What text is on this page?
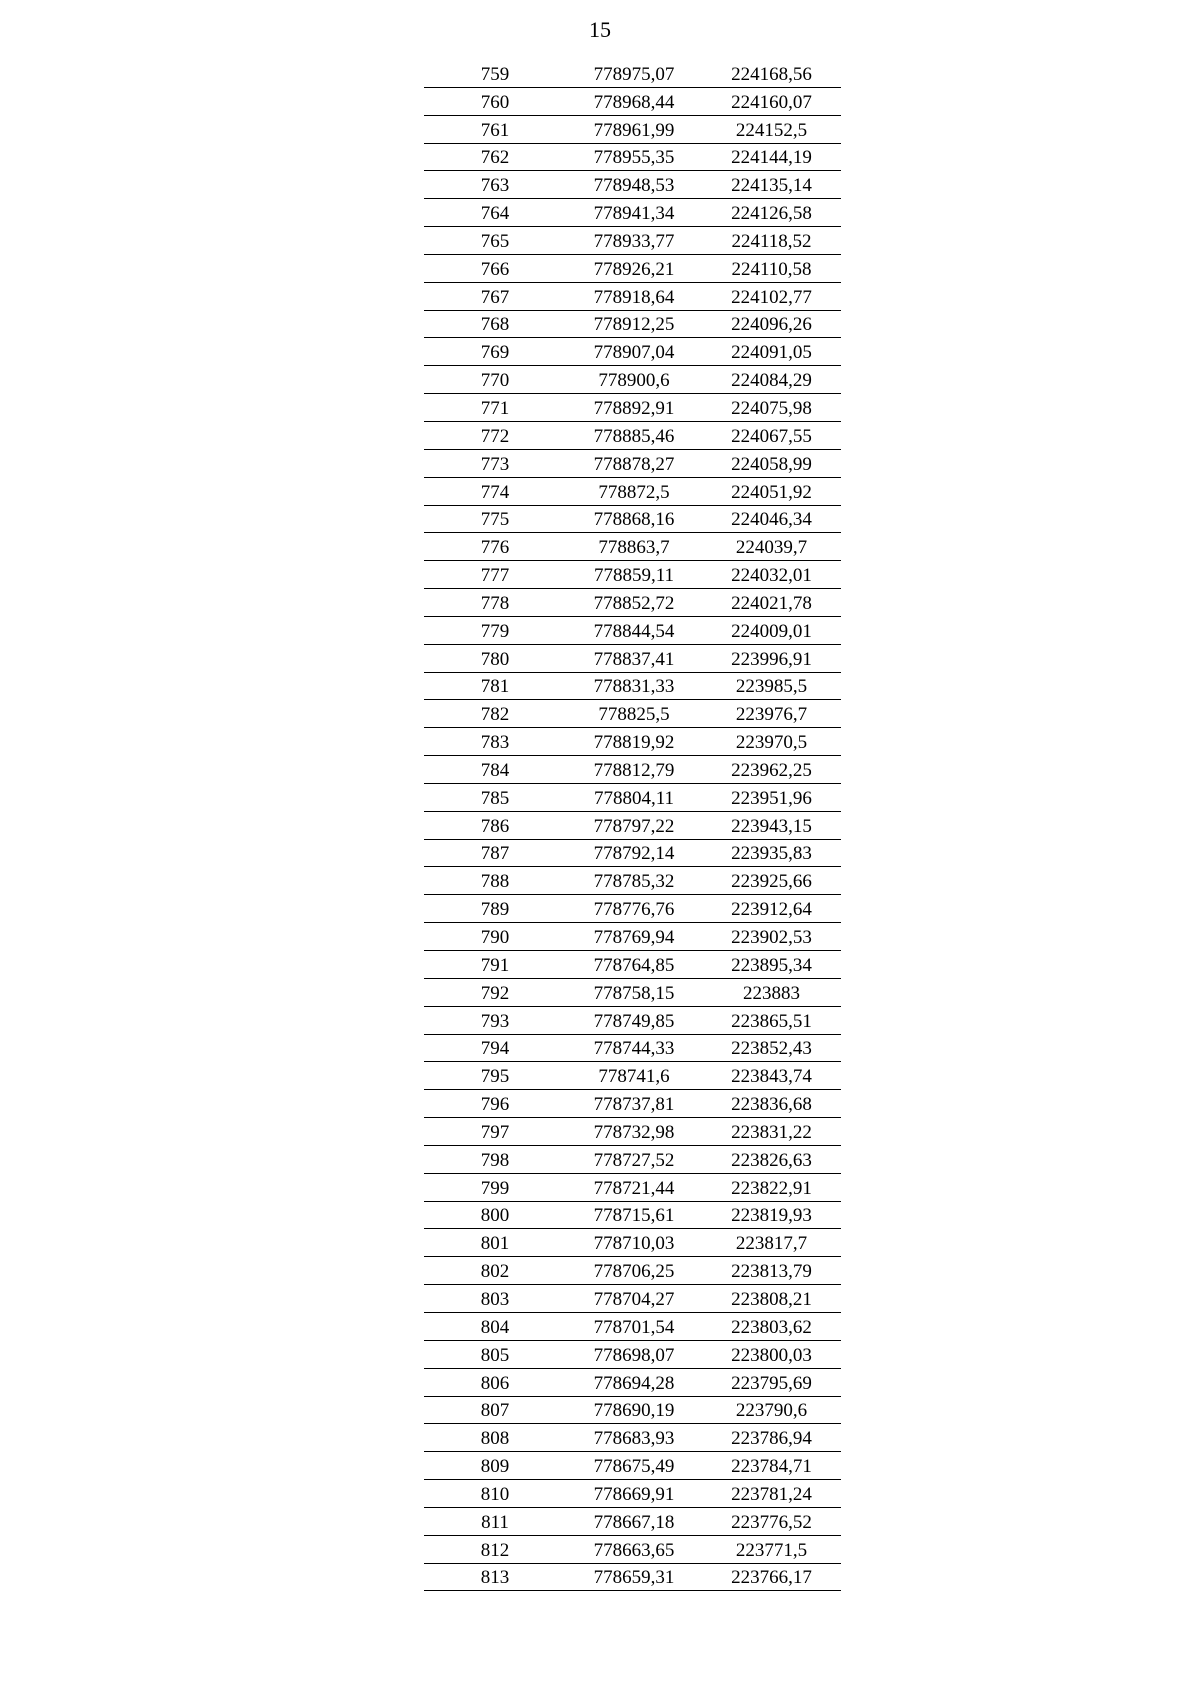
15
759	778975,07	224168,56
760	778968,44	224160,07
761	778961,99	224152,5
762	778955,35	224144,19
763	778948,53	224135,14
764	778941,34	224126,58
765	778933,77	224118,52
766	778926,21	224110,58
767	778918,64	224102,77
768	778912,25	224096,26
769	778907,04	224091,05
770	778900,6	224084,29
771	778892,91	224075,98
772	778885,46	224067,55
773	778878,27	224058,99
774	778872,5	224051,92
775	778868,16	224046,34
776	778863,7	224039,7
777	778859,11	224032,01
778	778852,72	224021,78
779	778844,54	224009,01
780	778837,41	223996,91
781	778831,33	223985,5
782	778825,5	223976,7
783	778819,92	223970,5
784	778812,79	223962,25
785	778804,11	223951,96
786	778797,22	223943,15
787	778792,14	223935,83
788	778785,32	223925,66
789	778776,76	223912,64
790	778769,94	223902,53
791	778764,85	223895,34
792	778758,15	223883
793	778749,85	223865,51
794	778744,33	223852,43
795	778741,6	223843,74
796	778737,81	223836,68
797	778732,98	223831,22
798	778727,52	223826,63
799	778721,44	223822,91
800	778715,61	223819,93
801	778710,03	223817,7
802	778706,25	223813,79
803	778704,27	223808,21
804	778701,54	223803,62
805	778698,07	223800,03
806	778694,28	223795,69
807	778690,19	223790,6
808	778683,93	223786,94
809	778675,49	223784,71
810	778669,91	223781,24
811	778667,18	223776,52
812	778663,65	223771,5
813	778659,31	223766,17
